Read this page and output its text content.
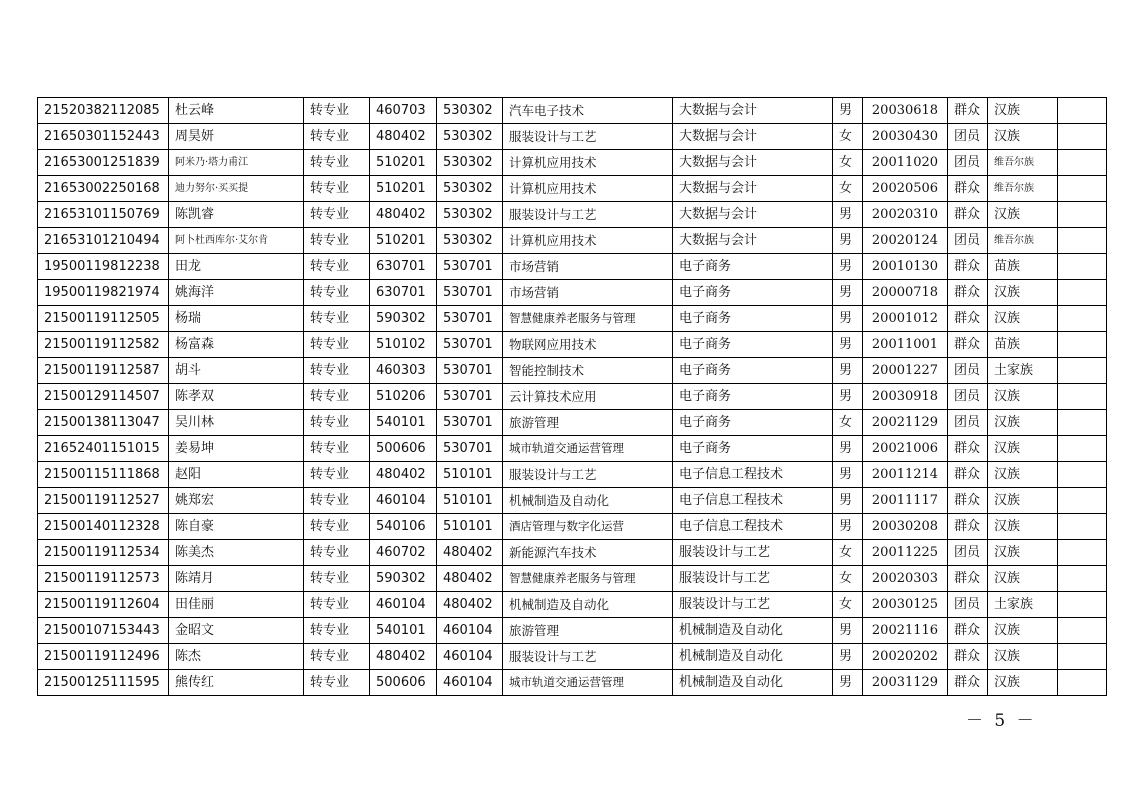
21520382112085	杜云峰	转专业	460703	530302	汽车电子技术	大数据与会计	男	20030618	群众	汉族	
21650301152443	周昊妍	转专业	480402	530302	服装设计与工艺	大数据与会计	女	20030430	团员	汉族	
21653001251839	阿米乃·塔力甫江	转专业	510201	530302	计算机应用技术	大数据与会计	女	20011020	团员	维吾尔族	
21653002250168	迪力努尔·买买提	转专业	510201	530302	计算机应用技术	大数据与会计	女	20020506	群众	维吾尔族	
21653101150769	陈凯睿	转专业	480402	530302	服装设计与工艺	大数据与会计	男	20020310	群众	汉族	
21653101210494	阿卜杜西库尔·艾尔肯	转专业	510201	530302	计算机应用技术	大数据与会计	男	20020124	团员	维吾尔族	
19500119812238	田龙	转专业	630701	530701	市场营销	电子商务	男	20010130	群众	苗族	
19500119821974	姚海洋	转专业	630701	530701	市场营销	电子商务	男	20000718	群众	汉族	
21500119112505	杨瑞	转专业	590302	530701	智慧健康养老服务与管理	电子商务	男	20001012	群众	汉族	
21500119112582	杨富森	转专业	510102	530701	物联网应用技术	电子商务	男	20011001	群众	苗族	
21500119112587	胡斗	转专业	460303	530701	智能控制技术	电子商务	男	20001227	团员	土家族	
21500129114507	陈孝双	转专业	510206	530701	云计算技术应用	电子商务	男	20030918	团员	汉族	
21500138113047	吴川林	转专业	540101	530701	旅游管理	电子商务	女	20021129	团员	汉族	
21652401151015	姜易坤	转专业	500606	530701	城市轨道交通运营管理	电子商务	男	20021006	群众	汉族	
21500115111868	赵阳	转专业	480402	510101	服装设计与工艺	电子信息工程技术	男	20011214	群众	汉族	
21500119112527	姚郑宏	转专业	460104	510101	机械制造及自动化	电子信息工程技术	男	20011117	群众	汉族	
21500140112328	陈自豪	转专业	540106	510101	酒店管理与数字化运营	电子信息工程技术	男	20030208	群众	汉族	
21500119112534	陈美杰	转专业	460702	480402	新能源汽车技术	服装设计与工艺	女	20011225	团员	汉族	
21500119112573	陈靖月	转专业	590302	480402	智慧健康养老服务与管理	服装设计与工艺	女	20020303	群众	汉族	
21500119112604	田佳丽	转专业	460104	480402	机械制造及自动化	服装设计与工艺	女	20030125	团员	土家族	
21500107153443	金昭文	转专业	540101	460104	旅游管理	机械制造及自动化	男	20021116	群众	汉族	
21500119112496	陈杰	转专业	480402	460104	服装设计与工艺	机械制造及自动化	男	20020202	群众	汉族	
21500125111595	熊传红	转专业	500606	460104	城市轨道交通运营管理	机械制造及自动化	男	20031129	群众	汉族	
－ 5 －
